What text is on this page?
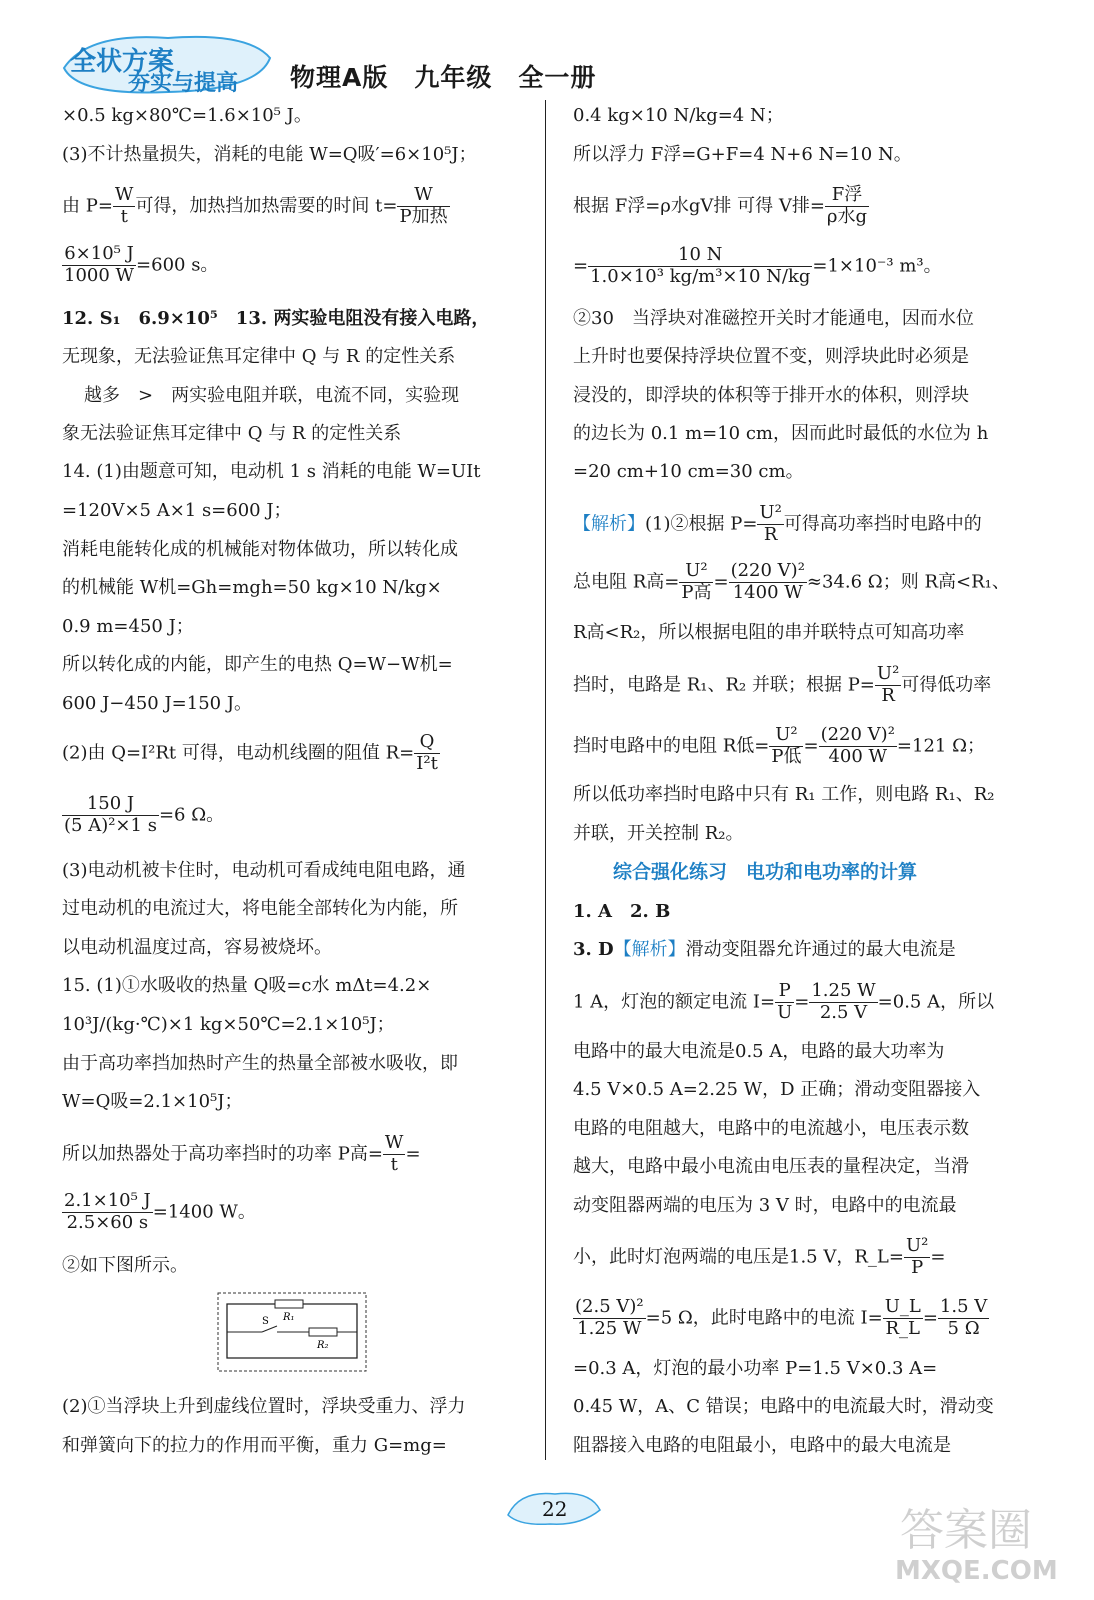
全状方案
夯实与提高 物理A版　九年级　全一册
×0.5 kg×80℃=1.6×10⁵ J。
(3)不计热量损失，消耗的电能 W=Q吸′=6×10⁵J；
由 $P= \frac{W}{t}$ 可得，加热挡加热需要的时间 t=
W
P加热
$\frac{\text{6×10⁵ J}}{1000 W} =600$ s。
12. S₁　6.9×10⁵　13. 两实验电阻没有接入电路，
无现象，无法验证焦耳定律中 Q 与 R 的定性关系
越多　>　两实验电阻并联，电流不同，实验现
象无法验证焦耳定律中 Q 与 R 的定性关系
14. (1)由题意可知，电动机 1 s 消耗的电能 W=UIt
=120V×5 A×1 s=600 J；
消耗电能转化成的机械能对物体做功，所以转化成
的机械能 W机=Gh=mgh=50 kg×10 N/kg×
0.9 m=450 J；
所以转化成的内能，即产生的电热 Q=W−W机=
600 J−450 J=150 J。
(2)由 Q=I²Rt 可得，电动机线圈的阻值 $R= \frac{Q}{\text{I²t}}$
$\frac{150 J}{\text{(5 A)²×1 s}} =6$ Ω。
(3)电动机被卡住时，电动机可看成纯电阻电路，通
过电动机的电流过大，将电能全部转化为内能，所
以电动机温度过高，容易被烧坏。
15. (1)①水吸收的热量 Q吸=c水 mΔt=4.2×
10³J/(kg·℃)×1 kg×50℃=2.1×10⁵J；
由于高功率挡加热时产生的热量全部被水吸收，即
W=Q吸=2.1×10⁵J；
所以加热器处于高功率挡时的功率 P高= $\frac{W}{t}$ =
$\frac{\text{2.1×10⁵ J}}{2.5\times 60 s} =1400$ W。
②如下图所示。
R₁
S
R₂
(2)①当浮块上升到虚线位置时，浮块受重力、浮力
和弹簧向下的拉力的作用而平衡，重力 G=mg=
0.4 kg×10 N/kg=4 N；
所以浮力 F浮=G+F=4 N+6 N=10 N。
根据 F浮=ρ水gV排 可得 V排=
F浮
ρ水g
= $\frac{10 N}{\text{1.0×10³ kg/m³×10 N/kg}} =1\times 10^{-3}$ m³。
②30　当浮块对准磁控开关时才能通电，因而水位
上升时也要保持浮块位置不变，则浮块此时必须是
浸没的，即浮块的体积等于排开水的体积，则浮块
的边长为 0.1 m=10 cm，因而此时最低的水位为 h
=20 cm+10 cm=30 cm。
【解析】(1)②根据 $P= \frac{\text{U²}}{R}$ 可得高功率挡时电路中的
总电阻 R高=
U²
P高 = $\frac{\text{(220 V)²}}{1400 W} \approx 34.6$ Ω；则 R高<R₁、
R高<R₂，所以根据电阻的串并联特点可知高功率
挡时，电路是 R₁、R₂ 并联；根据 $P= \frac{\text{U²}}{R}$ 可得低功率
挡时电路中的电阻 R低=
U²
P低 = $\frac{\text{(220 V)²}}{400 W} =121$ Ω；
所以低功率挡时电路中只有 R₁ 工作，则电路 R₁、R₂
并联，开关控制 R₂。
综合强化练习　电功和电功率的计算
1. A　2. B
3. D【解析】滑动变阻器允许通过的最大电流是
1 A，灯泡的额定电流 $I= \frac{P}{U} = \frac{1.25 W}{2.5 V} =0.5$ A，所以
电路中的最大电流是0.5 A，电路的最大功率为
4.5 V×0.5 A=2.25 W，D 正确；滑动变阻器接入
电路的电阻越大，电路中的电流越小，电压表示数
越大，电路中最小电流由电压表的量程决定，当滑
动变阻器两端的电压为 3 V 时，电路中的电流最
小，此时灯泡两端的电压是1.5 V，R_L= $\frac{\text{U²}}{P}$ =
$\frac{\text{(2.5 V)²}}{1.25 W} =5$ Ω，此时电路中的电流 $I= \frac{U\_L}{R\_L} = \frac{1.5 V}{5 \Omega}$
=0.3 A，灯泡的最小功率 P=1.5 V×0.3 A=
0.45 W，A、C 错误；电路中的电流最大时，滑动变
阻器接入电路的电阻最小，电路中的最大电流是
22	答案圈
MXQE.COM
